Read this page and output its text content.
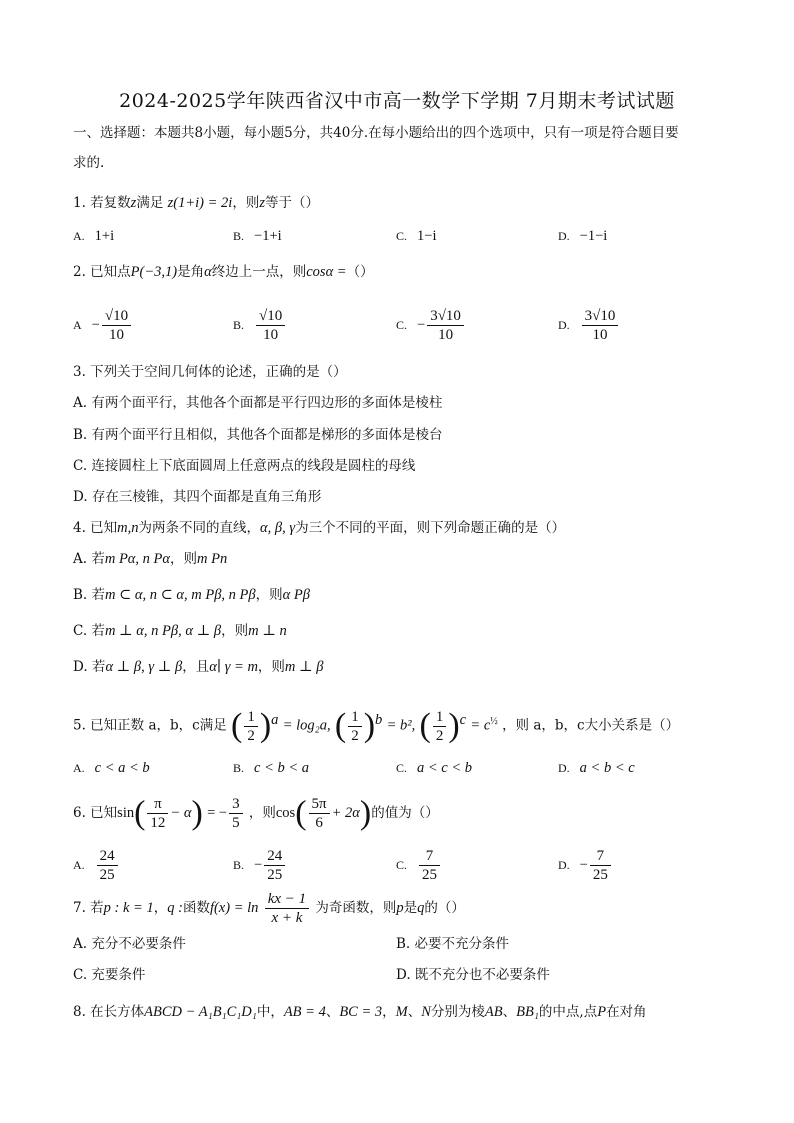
2024-2025学年陕西省汉中市高一数学下学期 7月期末考试试题
一、选择题：本题共8小题，每小题5分，共40分.在每小题给出的四个选项中，只有一项是符合题目要
求的.
1. 若复数z满足 z(1+i) = 2i，则z等于（）
A. 1+i	B. −1+i	C. 1−i	D. −1−i
2. 已知点P(−3,1)是角α终边上一点，则cosα =（）
$A - \frac{√10}{10}$	B. $\frac{√10}{10}$	C. − $\frac{3√10}{10}$	D. $\frac{3√10}{10}$
3. 下列关于空间几何体的论述，正确的是（）
A. 有两个面平行，其他各个面都是平行四边形的多面体是棱柱
B. 有两个面平行且相似，其他各个面都是梯形的多面体是棱台
C. 连接圆柱上下底面圆周上任意两点的线段是圆柱的母线
D. 存在三棱锥，其四个面都是直角三角形
4. 已知m,n为两条不同的直线，α, β, γ为三个不同的平面，则下列命题正确的是（）
A. 若m Pα, n Pα，则m Pn
B. 若m ⊂ α, n ⊂ α, m Pβ, n Pβ，则α Pβ
C. 若m ⊥ α, n Pβ, α ⊥ β，则m ⊥ n
D. 若α ⊥ β, γ ⊥ β，且α∣ γ = m，则m ⊥ β
5. 已知正数 a，b，c满足 ( $\frac{1}{2} )^a = \log_2a$, ( $\frac{1}{2} )^b = b^2$, ( $\frac{1}{2} )^c = c^{\frac{1}{2}}$ ，则 a，b，c大小关系是（）
A. c < a < b	B. c < b < a	C. a < c < b	D. a < b < c
6. 已知$\sin( \frac{\pi}{12} - \alpha)$ = − $\frac{3}{5}$ ，则$\cos( \frac{5\pi}{6} + 2\alpha)$的值为（）
A. $\frac{24}{25}$	B. − $\frac{24}{25}$	C. $\frac{7}{25}$	D. − $\frac{7}{25}$
7. 若p : k = 1，q :函数$f(x) = \ln \frac{kx - 1}{x + k}$ 为奇函数，则p是q的（）
A. 充分不必要条件	B. 必要不充分条件
C. 充要条件	D. 既不充分也不必要条件
8. 在长方体ABCD − A₁B₁C₁D₁中，AB = 4、BC = 3，M、N分别为棱AB、BB₁的中点,点P在对角
